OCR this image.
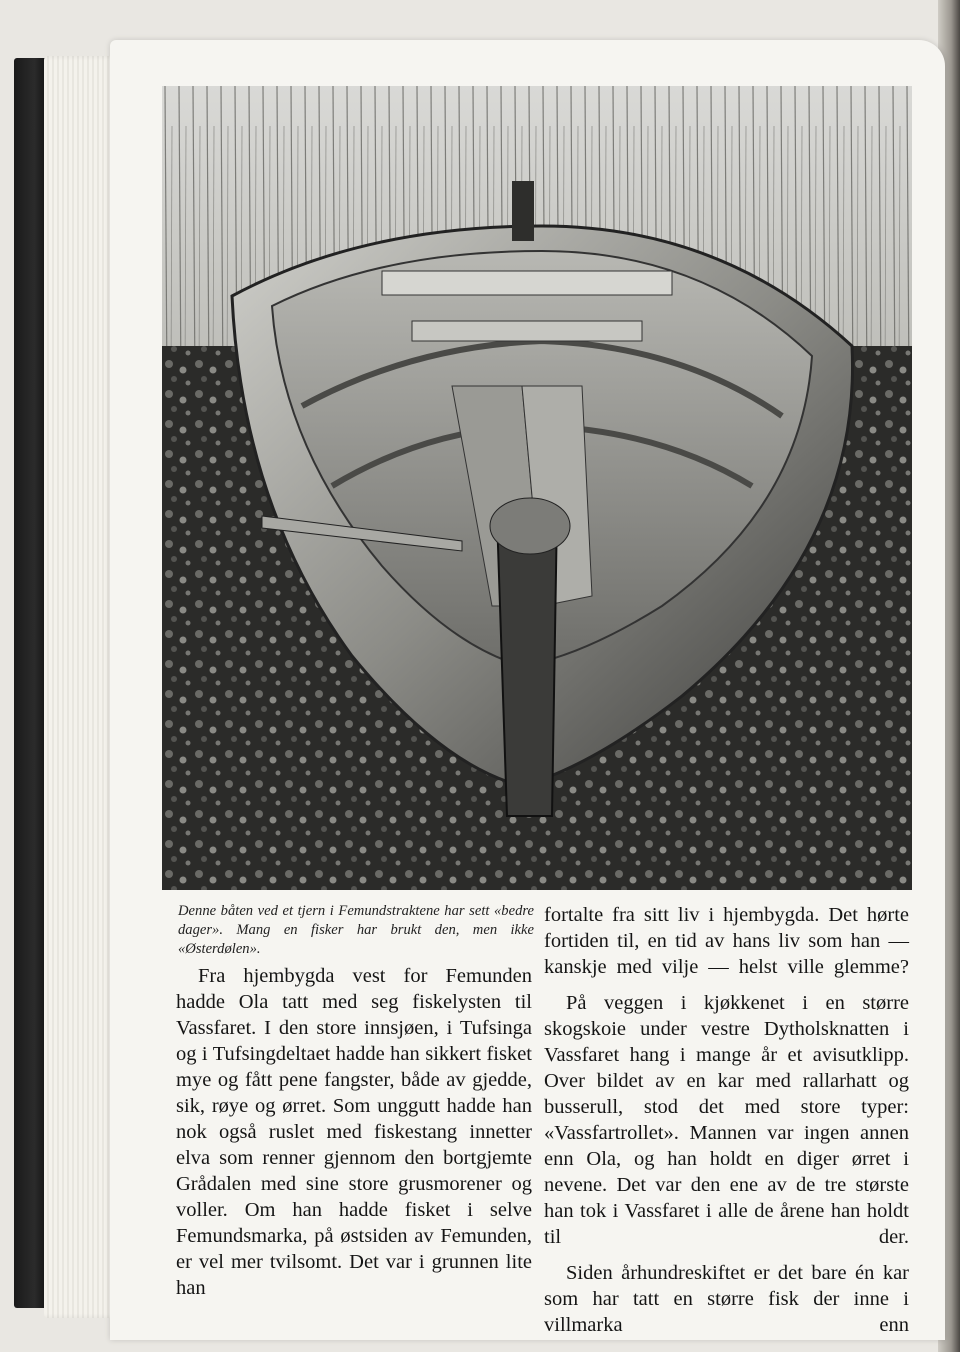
Denne båten ved et tjern i Femundstraktene har sett «bedre dager». Mang en fisker har brukt den, men ikke «Østerdølen».

Fra hjembygda vest for Femunden hadde Ola tatt med seg fiskelysten til Vassfaret. I den store innsjøen, i Tufsinga og i Tufsingdeltaet hadde han sikkert fisket mye og fått pene fangster, både av gjedde, sik, røye og ørret. Som unggutt hadde han nok også ruslet med fiskestang innetter elva som renner gjennom den bortgjemte Grådalen med sine store grusmorener og voller. Om han hadde fisket i selve Femundsmarka, på østsiden av Femunden, er vel mer tvilsomt. Det var i grunnen lite han

fortalte fra sitt liv i hjembygda. Det hørte fortiden til, en tid av hans liv som han — kanskje med vilje — helst ville glemme?

På veggen i kjøkkenet i en større skogskoie under vestre Dytholsknatten i Vassfaret hang i mange år et avisutklipp. Over bildet av en kar med rallarhatt og busserull, stod det med store typer: «Vassfartrollet». Mannen var ingen annen enn Ola, og han holdt en diger ørret i nevene. Det var den ene av de tre største han tok i Vassfaret i alle de årene han holdt til der.

Siden århundreskiftet er det bare én kar som har tatt en større fisk der inne i villmarka enn
